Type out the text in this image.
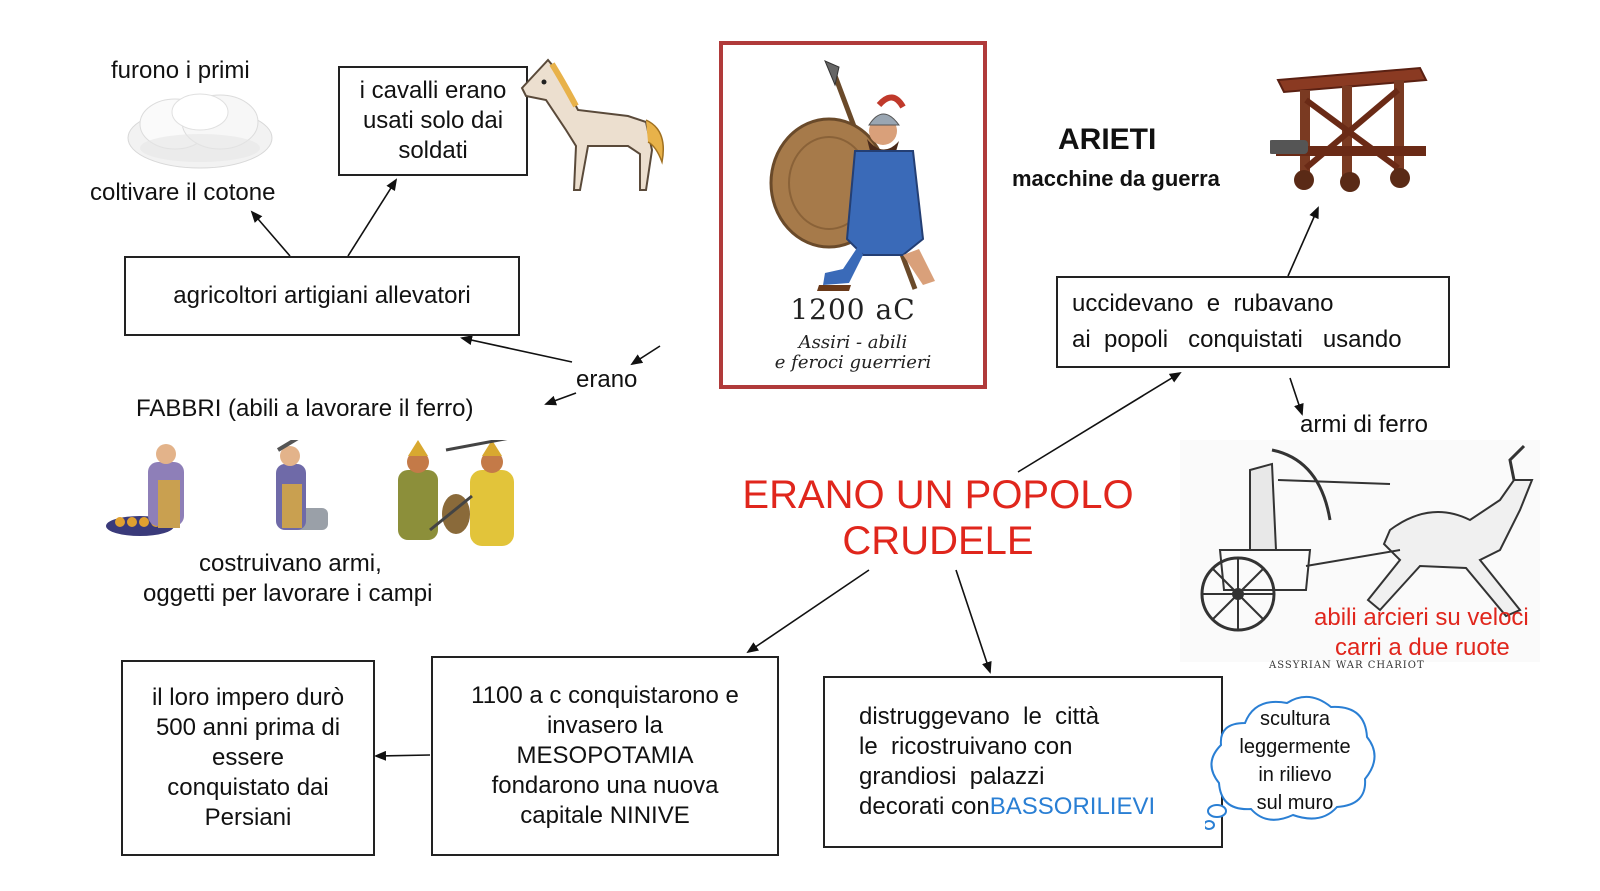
furono i primi
coltivare il cotone
i cavalli erano
usati solo dai
soldati
agricoltori artigiani allevatori
erano
FABBRI (abili a lavorare il ferro)
costruivano armi,
oggetti per lavorare i campi
1200 aC
Assiri - abili
e feroci guerrieri
ARIETI
macchine da guerra
uccidevano  e  rubavano
ai  popoli   conquistati   usando
armi di ferro
abili arcieri su veloci
carri a due ruote
ASSYRIAN WAR CHARIOT
ERANO UN POPOLO
CRUDELE
il loro impero durò
500 anni prima di
essere
conquistato dai
Persiani
1100 a c conquistarono e
invasero la
MESOPOTAMIA
fondarono una nuova
capitale NINIVE
distruggevano  le  città
le  ricostruivano con
grandiosi  palazzi
decorati conBASSORILIEVI
scultura
leggermente
in rilievo
sul muro
